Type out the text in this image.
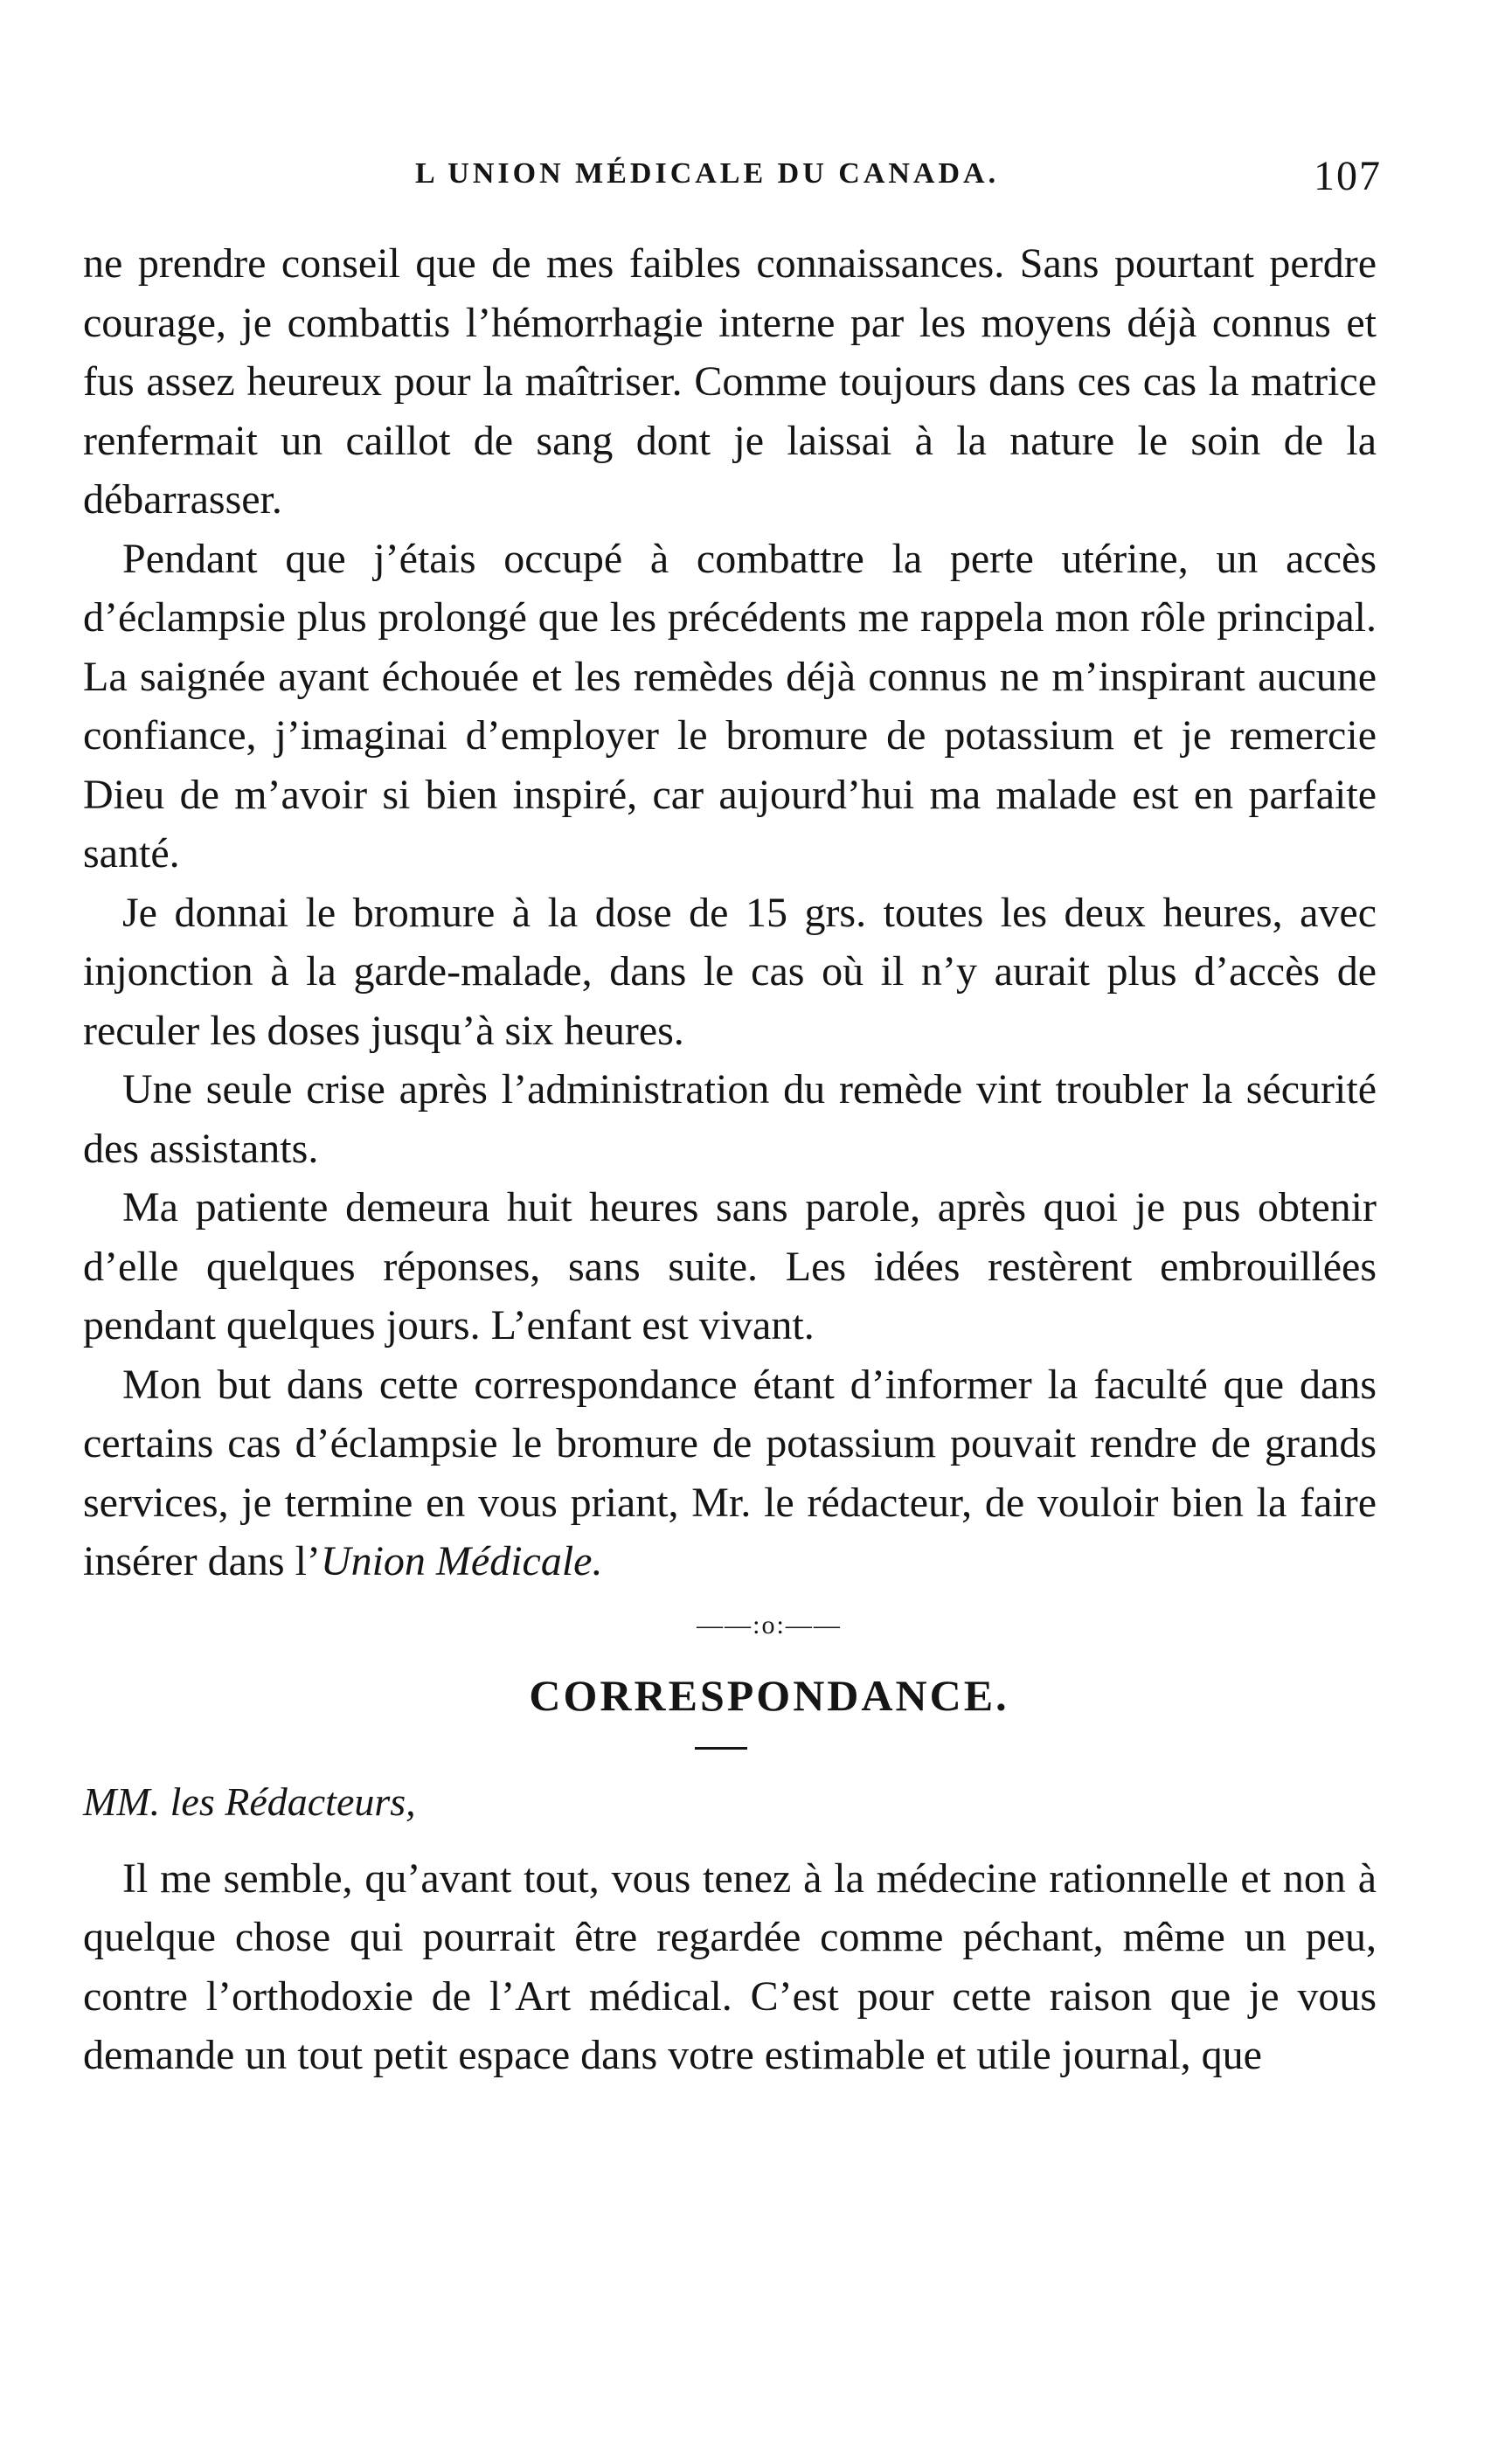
L UNION MÉDICALE DU CANADA.	107

ne prendre conseil que de mes faibles connaissances. Sans pourtant perdre courage, je combattis l’hémorrhagie interne par les moyens déjà connus et fus assez heureux pour la maîtriser. Comme toujours dans ces cas la matrice renfermait un caillot de sang dont je laissai à la nature le soin de la débarrasser.

Pendant que j’étais occupé à combattre la perte utérine, un accès d’éclampsie plus prolongé que les précédents me rappela mon rôle principal. La saignée ayant échouée et les remèdes déjà connus ne m’inspirant aucune confiance, j’imaginai d’employer le bromure de potassium et je remercie Dieu de m’avoir si bien inspiré, car aujourd’hui ma malade est en parfaite santé.

Je donnai le bromure à la dose de 15 grs. toutes les deux heures, avec injonction à la garde-malade, dans le cas où il n’y aurait plus d’accès de reculer les doses jusqu’à six heures.

Une seule crise après l’administration du remède vint troubler la sécurité des assistants.

Ma patiente demeura huit heures sans parole, après quoi je pus obtenir d’elle quelques réponses, sans suite. Les idées restèrent embrouillées pendant quelques jours. L’enfant est vivant.

Mon but dans cette correspondance étant d’informer la faculté que dans certains cas d’éclampsie le bromure de potassium pouvait rendre de grands services, je termine en vous priant, Mr. le rédacteur, de vouloir bien la faire insérer dans l’Union Médicale.

——:o:——
CORRESPONDANCE.
MM. les Rédacteurs,

Il me semble, qu’avant tout, vous tenez à la médecine rationnelle et non à quelque chose qui pourrait être regardée comme péchant, même un peu, contre l’orthodoxie de l’Art médical. C’est pour cette raison que je vous demande un tout petit espace dans votre estimable et utile journal, que
